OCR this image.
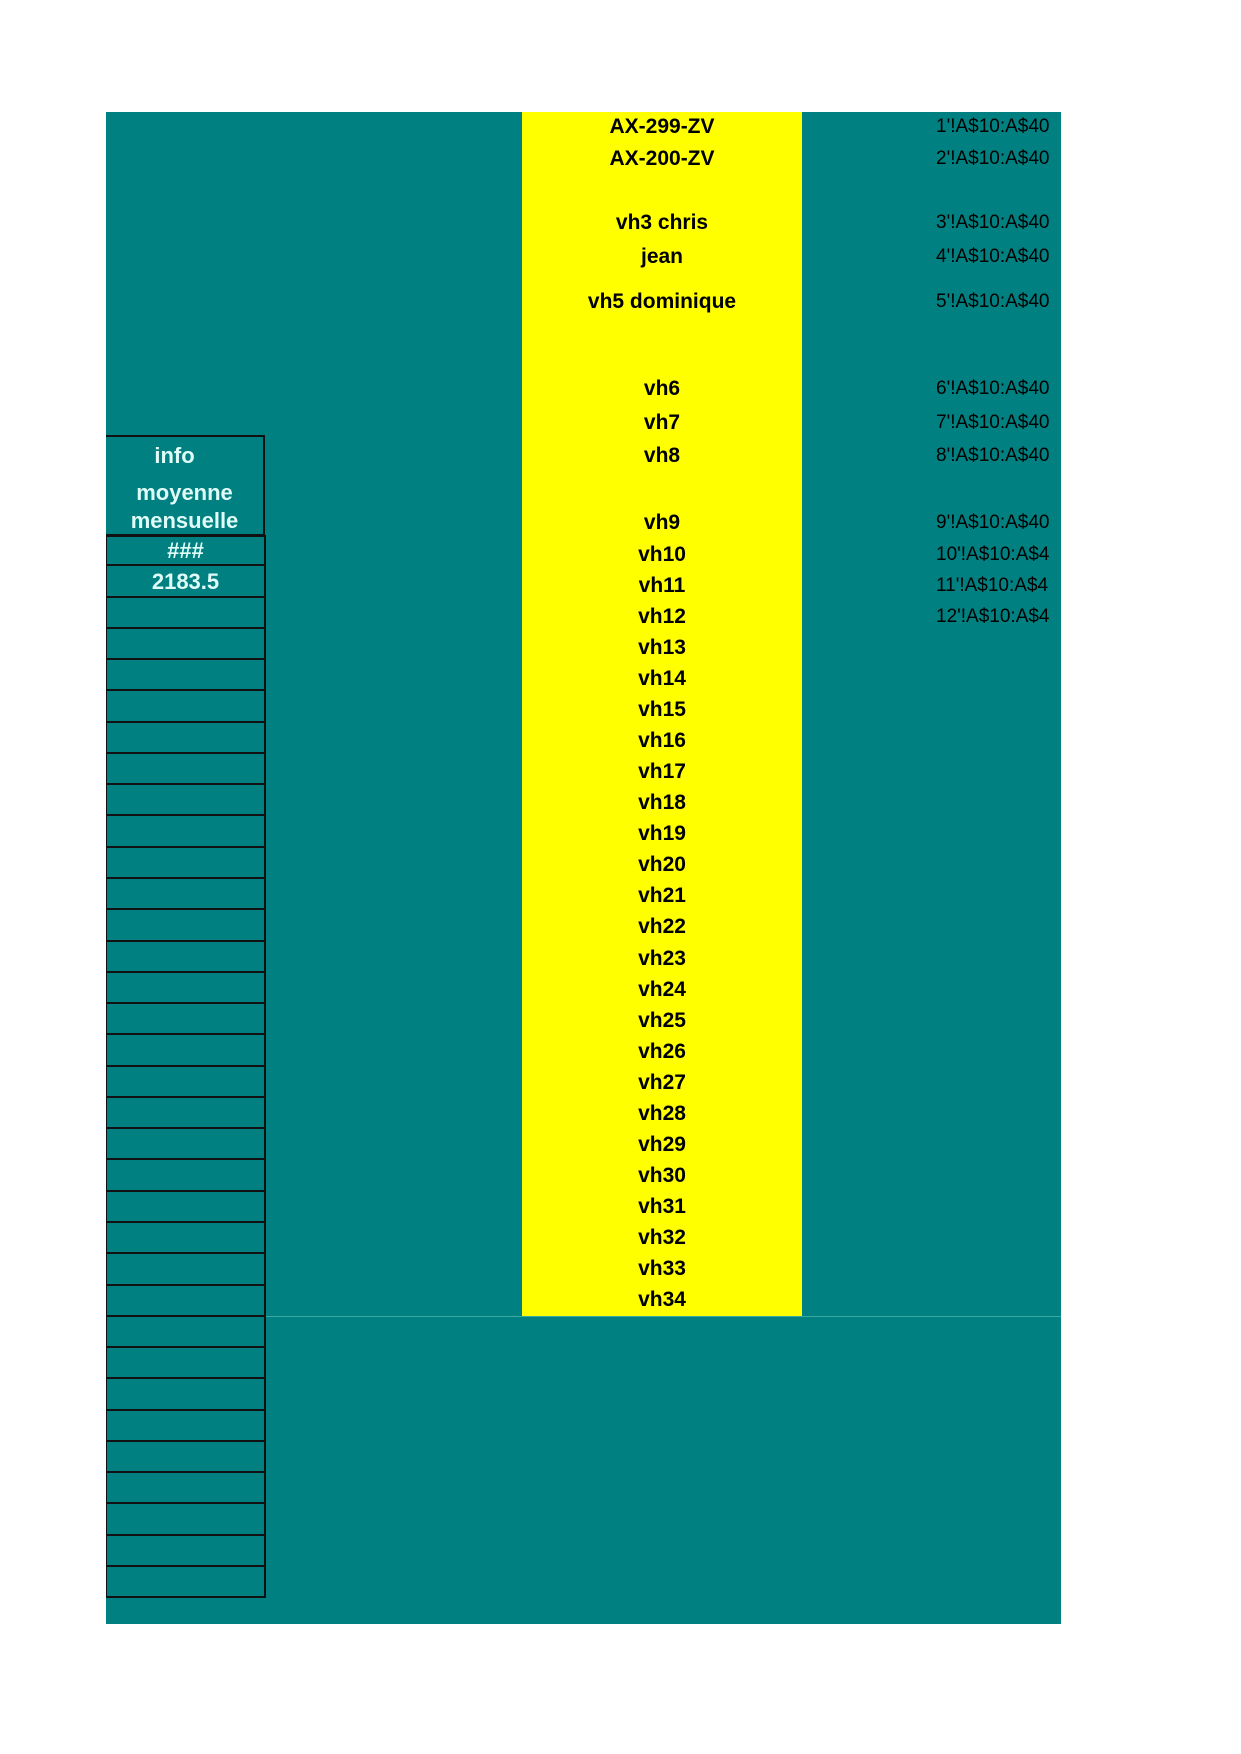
info
moyenne
mensuelle
AX-299-ZV
AX-200-ZV
vh3 chris
jean
vh5 dominique
vh6
vh7
vh8
vh9
vh10
vh11
vh12
vh13
vh14
vh15
vh16
vh17
vh18
vh19
vh20
vh21
vh22
vh23
vh24
vh25
vh26
vh27
vh28
vh29
vh30
vh31
vh32
vh33
vh34
1'!A$10:A$40
2'!A$10:A$40
3'!A$10:A$40
4'!A$10:A$40
5'!A$10:A$40
6'!A$10:A$40
7'!A$10:A$40
8'!A$10:A$40
9'!A$10:A$40
10'!A$10:A$4
11'!A$10:A$4
12'!A$10:A$4
###
2183.5
